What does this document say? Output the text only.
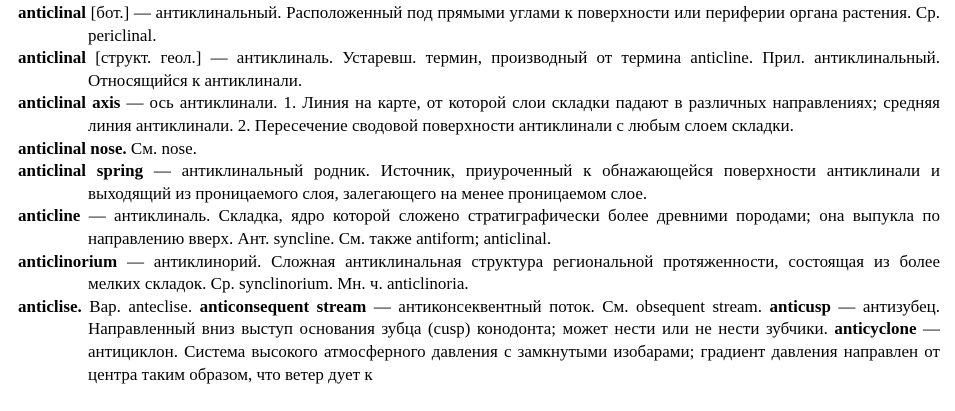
anticlinal [бот.] — антиклинальный. Расположенный под прямыми углами к поверхности или периферии органа растения. Ср. periclinal.

anticlinal [структ. геол.] — антиклиналь. Устаревш. термин, производный от термина anticline. Прил. антиклинальный. Относящийся к антиклинали.

anticlinal axis — ось антиклинали. 1. Линия на карте, от которой слои складки падают в различных направлениях; средняя линия антиклинали. 2. Пересечение сводовой поверхности антиклинали с любым слоем складки.

anticlinal nose. См. nose.

anticlinal spring — антиклинальный родник. Источник, приуроченный к обнажающейся поверхности антиклинали и выходящий из проницаемого слоя, залегающего на менее проницаемом слое.

anticline — антиклиналь. Складка, ядро которой сложено стратиграфически более древними породами; она выпукла по направлению вверх. Ант. syncline. См. также antiform; anticlinal.

anticlinorium — антиклинорий. Сложная антиклинальная структура региональной протяженности, состоящая из более мелких складок. Ср. synclinorium. Мн. ч. anticlinoria.

anticlise. Вар. anteclise. anticonsequent stream — антиконсеквентный поток. См. obsequent stream. anticusp — антизубец. Направленный вниз выступ основания зубца (cusp) конодонта; может нести или не нести зубчики. anticyclone — антициклон. Система высокого атмосферного давления с замкнутыми изобарами; градиент давления направлен от центра таким образом, что ветер дует к
